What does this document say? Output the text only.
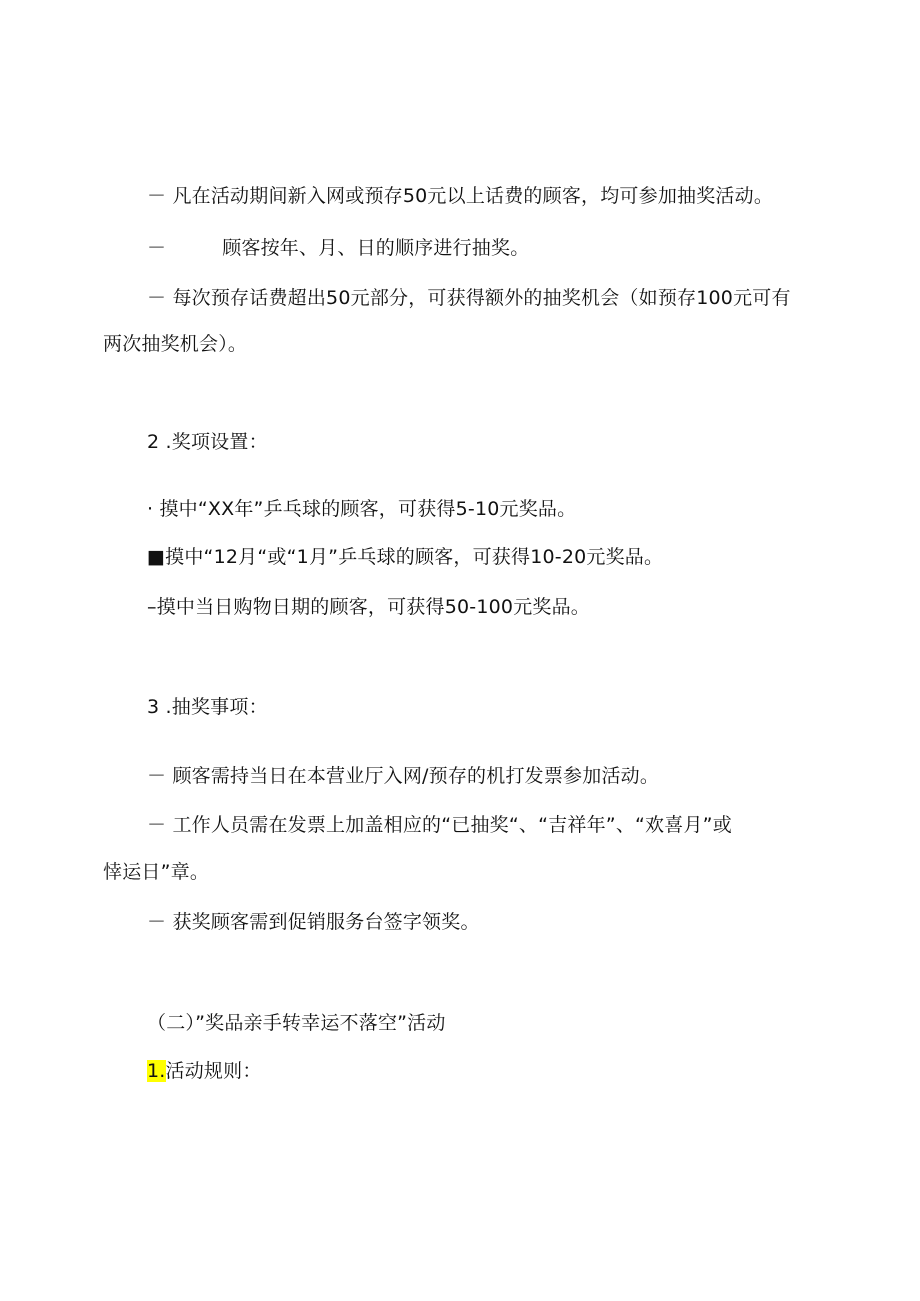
－ 凡在活动期间新入网或预存50元以上话费的顾客，均可参加抽奖活动。
－	顾客按年、月、日的顺序进行抽奖。
－ 每次预存话费超出50元部分，可获得额外的抽奖机会（如预存100元可有
两次抽奖机会）。
2 .奖项设置：
· 摸中“XX年”乒乓球的顾客，可获得5-10元奖品。
■摸中“12月“或“1月”乒乓球的顾客，可获得10-20元奖品。
–摸中当日购物日期的顾客，可获得50-100元奖品。
3 .抽奖事项：
－ 顾客需持当日在本营业厅入网/预存的机打发票参加活动。
－ 工作人员需在发票上加盖相应的“已抽奖“、“吉祥年”、“欢喜月”或
悻运日”章。
－ 获奖顾客需到促销服务台签字领奖。
（二）”奖品亲手转幸运不落空”活动
1.活动规则：
